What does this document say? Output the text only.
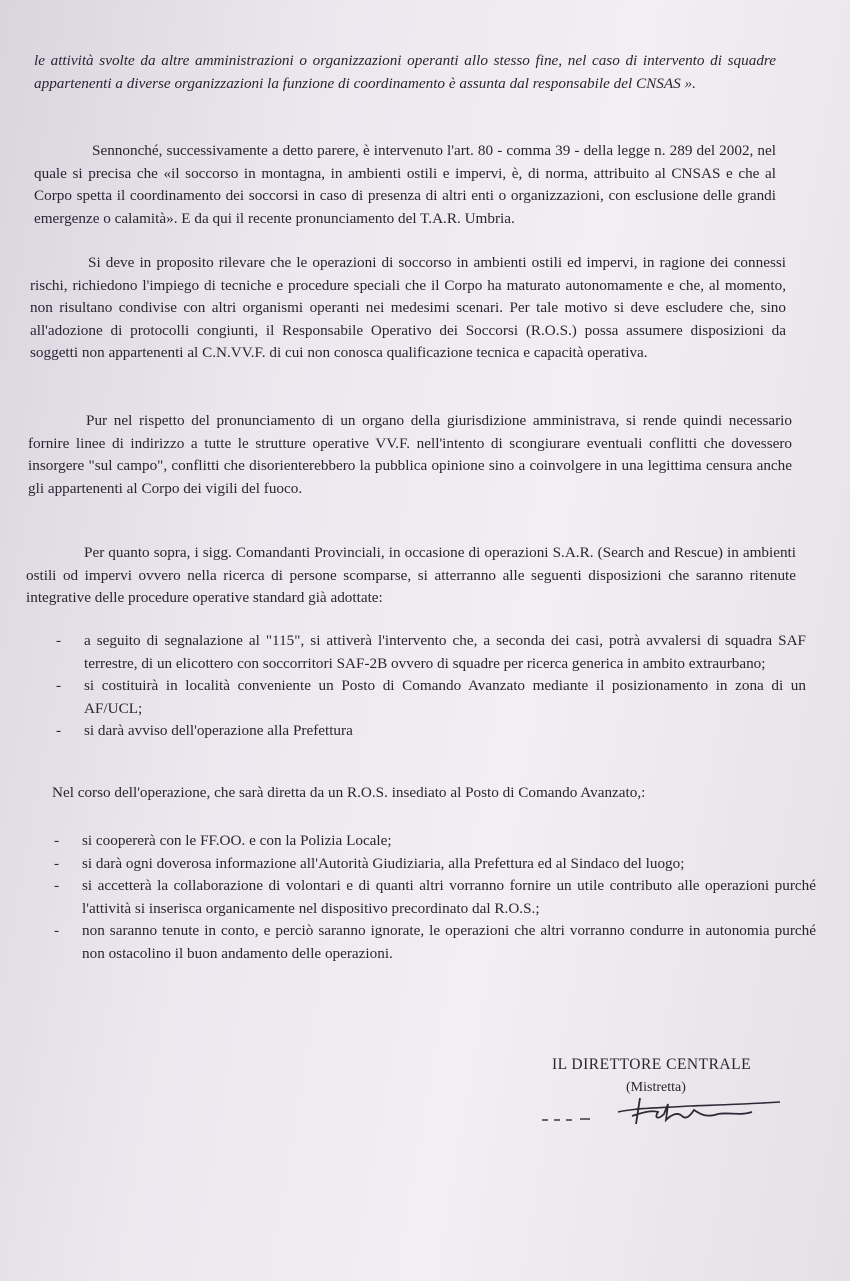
le attività svolte da altre amministrazioni o organizzazioni operanti allo stesso fine, nel caso di intervento di squadre appartenenti a diverse organizzazioni la funzione di coordinamento è assunta dal responsabile del CNSAS ».

Sennonché, successivamente a detto parere, è intervenuto l'art. 80 - comma 39 - della legge n. 289 del 2002, nel quale si precisa che «il soccorso in montagna, in ambienti ostili e impervi, è, di norma, attribuito al CNSAS e che al Corpo spetta il coordinamento dei soccorsi in caso di presenza di altri enti o organizzazioni, con esclusione delle grandi emergenze o calamità». E da qui il recente pronunciamento del T.A.R. Umbria.

Si deve in proposito rilevare che le operazioni di soccorso in ambienti ostili ed impervi, in ragione dei connessi rischi, richiedono l'impiego di tecniche e procedure speciali che il Corpo ha maturato autonomamente e che, al momento, non risultano condivise con altri organismi operanti nei medesimi scenari. Per tale motivo si deve escludere che, sino all'adozione di protocolli congiunti, il Responsabile Operativo dei Soccorsi (R.O.S.) possa assumere disposizioni da soggetti non appartenenti al C.N.VV.F. di cui non conosca qualificazione tecnica e capacità operativa.

Pur nel rispetto del pronunciamento di un organo della giurisdizione amministrava, si rende quindi necessario fornire linee di indirizzo a tutte le strutture operative VV.F. nell'intento di scongiurare eventuali conflitti che dovessero insorgere "sul campo", conflitti che disorienterebbero la pubblica opinione sino a coinvolgere in una legittima censura anche gli appartenenti al Corpo dei vigili del fuoco.

Per quanto sopra, i sigg. Comandanti Provinciali, in occasione di operazioni S.A.R. (Search and Rescue) in ambienti ostili od impervi ovvero nella ricerca di persone scomparse, si atterranno alle seguenti disposizioni che saranno ritenute integrative delle procedure operative standard già adottate:

- a seguito di segnalazione al "115", si attiverà l'intervento che, a seconda dei casi, potrà avvalersi di squadra SAF terrestre, di un elicottero con soccorritori SAF-2B ovvero di squadre per ricerca generica in ambito extraurbano;
- si costituirà in località conveniente un Posto di Comando Avanzato mediante il posizionamento in zona di un AF/UCL;
- si darà avviso dell'operazione alla Prefettura

Nel corso dell'operazione, che sarà diretta da un R.O.S. insediato al Posto di Comando Avanzato,:

- si coopererà con le FF.OO. e con la Polizia Locale;
- si darà ogni doverosa informazione all'Autorità Giudiziaria, alla Prefettura ed al Sindaco del luogo;
- si accetterà la collaborazione di volontari e di quanti altri vorranno fornire un utile contributo alle operazioni purché l'attività si inserisca organicamente nel dispositivo precordinato dal R.O.S.;
- non saranno tenute in conto, e perciò saranno ignorate, le operazioni che altri vorranno condurre in autonomia purché non ostacolino il buon andamento delle operazioni.
IL DIRETTORE CENTRALE
(Mistretta)
